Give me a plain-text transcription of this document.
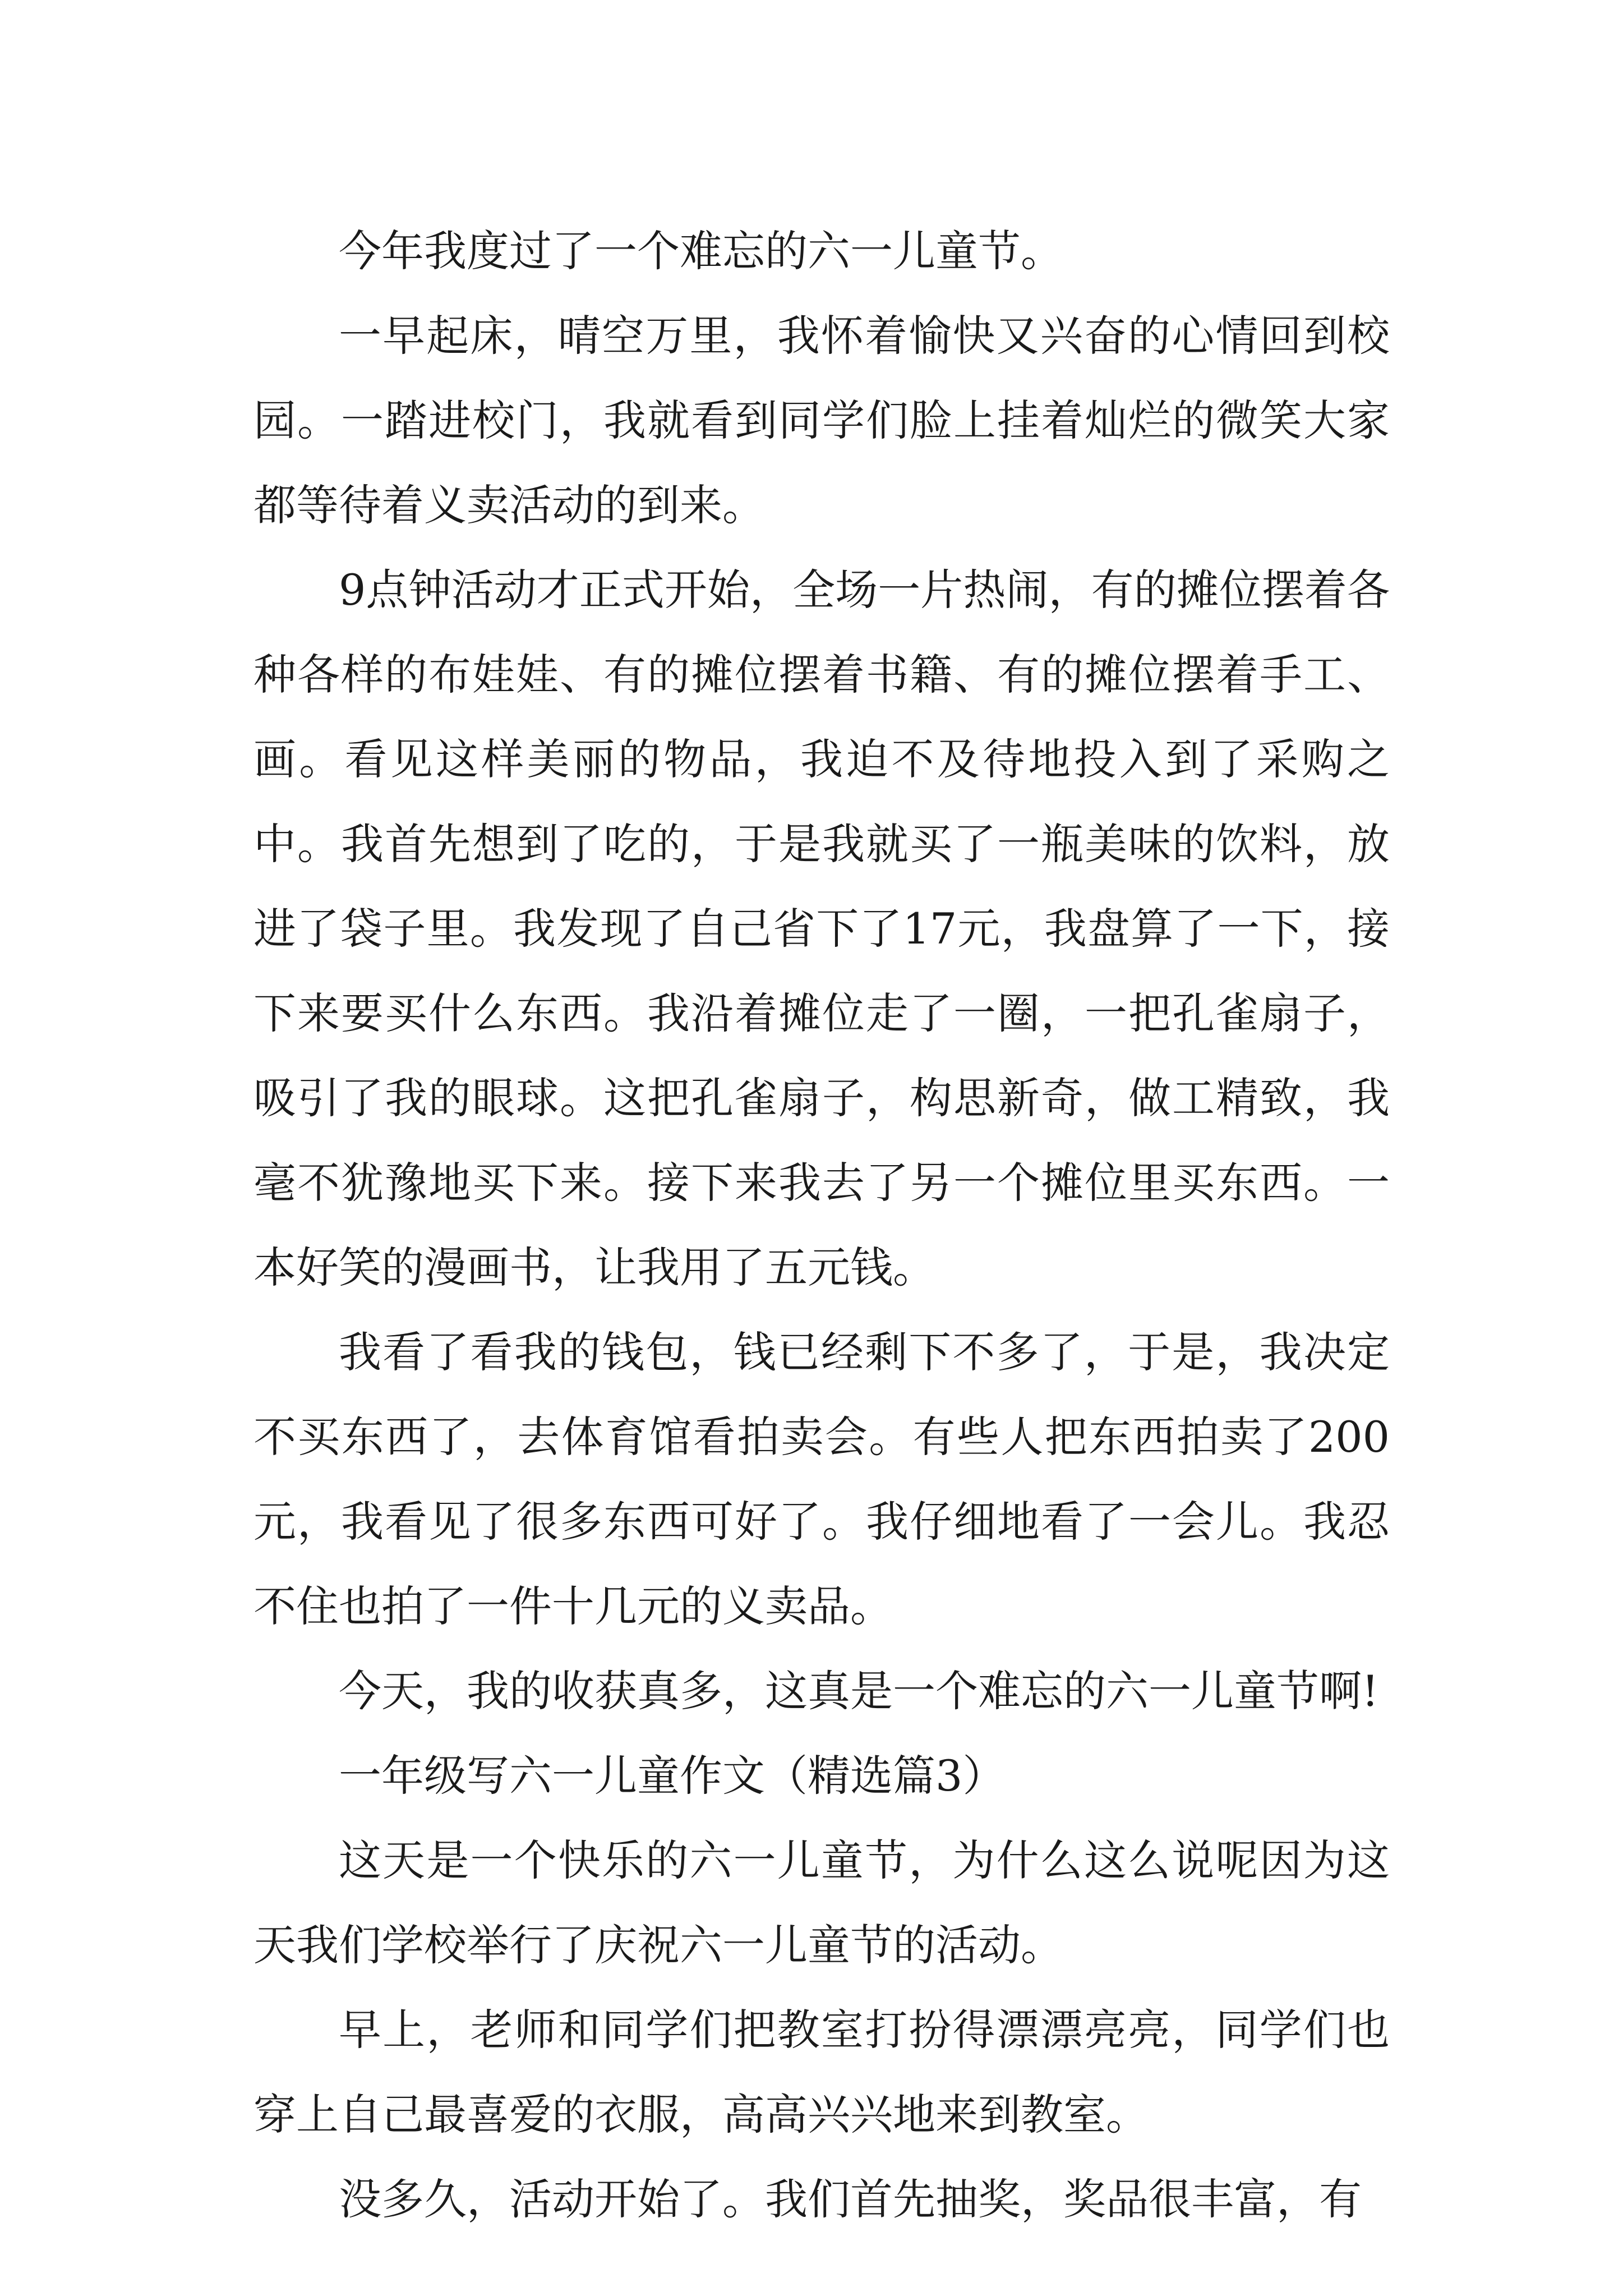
今年我度过了一个难忘的六一儿童节。

一早起床，晴空万里，我怀着愉快又兴奋的心情回到校园。一踏进校门，我就看到同学们脸上挂着灿烂的微笑大家都等待着义卖活动的到来。

9点钟活动才正式开始，全场一片热闹，有的摊位摆着各种各样的布娃娃、有的摊位摆着书籍、有的摊位摆着手工、画。看见这样美丽的物品，我迫不及待地投入到了采购之中。我首先想到了吃的，于是我就买了一瓶美味的饮料，放进了袋子里。我发现了自己省下了17元，我盘算了一下，接下来要买什么东西。我沿着摊位走了一圈，一把孔雀扇子，吸引了我的眼球。这把孔雀扇子，构思新奇，做工精致，我毫不犹豫地买下来。接下来我去了另一个摊位里买东西。一本好笑的漫画书，让我用了五元钱。

我看了看我的钱包，钱已经剩下不多了，于是，我决定不买东西了，去体育馆看拍卖会。有些人把东西拍卖了200元，我看见了很多东西可好了。我仔细地看了一会儿。我忍不住也拍了一件十几元的义卖品。

今天，我的收获真多，这真是一个难忘的六一儿童节啊!

一年级写六一儿童作文（精选篇3）

这天是一个快乐的六一儿童节，为什么这么说呢因为这天我们学校举行了庆祝六一儿童节的活动。

早上，老师和同学们把教室打扮得漂漂亮亮，同学们也穿上自己最喜爱的衣服，高高兴兴地来到教室。

没多久，活动开始了。我们首先抽奖，奖品很丰富，有
